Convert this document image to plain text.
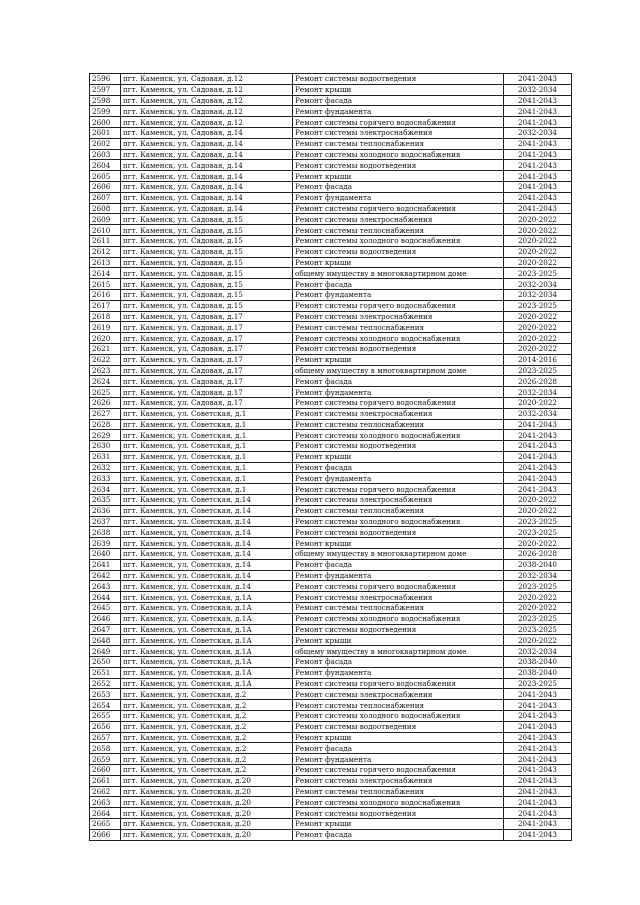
2596	пгт. Каменск, ул. Садовая, д.12	Ремонт системы водоотведения	2041-2043
2597	пгт. Каменск, ул. Садовая, д.12	Ремонт крыши	2032-2034
2598	пгт. Каменск, ул. Садовая, д.12	Ремонт фасада	2041-2043
2599	пгт. Каменск, ул. Садовая, д.12	Ремонт фундамента	2041-2043
2600	пгт. Каменск, ул. Садовая, д.12	Ремонт системы горячего водоснабжения	2041-2043
2601	пгт. Каменск, ул. Садовая, д.14	Ремонт системы электроснабжения	2032-2034
2602	пгт. Каменск, ул. Садовая, д.14	Ремонт системы теплоснабжения	2041-2043
2603	пгт. Каменск, ул. Садовая, д.14	Ремонт системы холодного водоснабжения	2041-2043
2604	пгт. Каменск, ул. Садовая, д.14	Ремонт системы водоотведения	2041-2043
2605	пгт. Каменск, ул. Садовая, д.14	Ремонт крыши	2041-2043
2606	пгт. Каменск, ул. Садовая, д.14	Ремонт фасада	2041-2043
2607	пгт. Каменск, ул. Садовая, д.14	Ремонт фундамента	2041-2043
2608	пгт. Каменск, ул. Садовая, д.14	Ремонт системы горячего водоснабжения	2041-2043
2609	пгт. Каменск, ул. Садовая, д.15	Ремонт системы электроснабжения	2020-2022
2610	пгт. Каменск, ул. Садовая, д.15	Ремонт системы теплоснабжения	2020-2022
2611	пгт. Каменск, ул. Садовая, д.15	Ремонт системы холодного водоснабжения	2020-2022
2612	пгт. Каменск, ул. Садовая, д.15	Ремонт системы водоотведения	2020-2022
2613	пгт. Каменск, ул. Садовая, д.15	Ремонт крыши	2020-2022
2614	пгт. Каменск, ул. Садовая, д.15	общему имуществу в многоквартирном доме	2023-2025
2615	пгт. Каменск, ул. Садовая, д.15	Ремонт фасада	2032-2034
2616	пгт. Каменск, ул. Садовая, д.15	Ремонт фундамента	2032-2034
2617	пгт. Каменск, ул. Садовая, д.15	Ремонт системы горячего водоснабжения	2023-2025
2618	пгт. Каменск, ул. Садовая, д.17	Ремонт системы электроснабжения	2020-2022
2619	пгт. Каменск, ул. Садовая, д.17	Ремонт системы теплоснабжения	2020-2022
2620	пгт. Каменск, ул. Садовая, д.17	Ремонт системы холодного водоснабжения	2020-2022
2621	пгт. Каменск, ул. Садовая, д.17	Ремонт системы водоотведения	2020-2022
2622	пгт. Каменск, ул. Садовая, д.17	Ремонт крыши	2014-2016
2623	пгт. Каменск, ул. Садовая, д.17	общему имуществу в многоквартирном доме	2023-2025
2624	пгт. Каменск, ул. Садовая, д.17	Ремонт фасада	2026-2028
2625	пгт. Каменск, ул. Садовая, д.17	Ремонт фундамента	2032-2034
2626	пгт. Каменск, ул. Садовая, д.17	Ремонт системы горячего водоснабжения	2020-2022
2627	пгт. Каменск, ул. Советская, д.1	Ремонт системы электроснабжения	2032-2034
2628	пгт. Каменск, ул. Советская, д.1	Ремонт системы теплоснабжения	2041-2043
2629	пгт. Каменск, ул. Советская, д.1	Ремонт системы холодного водоснабжения	2041-2043
2630	пгт. Каменск, ул. Советская, д.1	Ремонт системы водоотведения	2041-2043
2631	пгт. Каменск, ул. Советская, д.1	Ремонт крыши	2041-2043
2632	пгт. Каменск, ул. Советская, д.1	Ремонт фасада	2041-2043
2633	пгт. Каменск, ул. Советская, д.1	Ремонт фундамента	2041-2043
2634	пгт. Каменск, ул. Советская, д.1	Ремонт системы горячего водоснабжения	2041-2043
2635	пгт. Каменск, ул. Советская, д.14	Ремонт системы электроснабжения	2020-2022
2636	пгт. Каменск, ул. Советская, д.14	Ремонт системы теплоснабжения	2020-2022
2637	пгт. Каменск, ул. Советская, д.14	Ремонт системы холодного водоснабжения	2023-2025
2638	пгт. Каменск, ул. Советская, д.14	Ремонт системы водоотведения	2023-2025
2639	пгт. Каменск, ул. Советская, д.14	Ремонт крыши	2020-2022
2640	пгт. Каменск, ул. Советская, д.14	общему имуществу в многоквартирном доме	2026-2028
2641	пгт. Каменск, ул. Советская, д.14	Ремонт фасада	2038-2040
2642	пгт. Каменск, ул. Советская, д.14	Ремонт фундамента	2032-2034
2643	пгт. Каменск, ул. Советская, д.14	Ремонт системы горячего водоснабжения	2023-2025
2644	пгт. Каменск, ул. Советская, д.1А	Ремонт системы электроснабжения	2020-2022
2645	пгт. Каменск, ул. Советская, д.1А	Ремонт системы теплоснабжения	2020-2022
2646	пгт. Каменск, ул. Советская, д.1А	Ремонт системы холодного водоснабжения	2023-2025
2647	пгт. Каменск, ул. Советская, д.1А	Ремонт системы водоотведения	2023-2025
2648	пгт. Каменск, ул. Советская, д.1А	Ремонт крыши	2020-2022
2649	пгт. Каменск, ул. Советская, д.1А	общему имуществу в многоквартирном доме	2032-2034
2650	пгт. Каменск, ул. Советская, д.1А	Ремонт фасада	2038-2040
2651	пгт. Каменск, ул. Советская, д.1А	Ремонт фундамента	2038-2040
2652	пгт. Каменск, ул. Советская, д.1А	Ремонт системы горячего водоснабжения	2023-2025
2653	пгт. Каменск, ул. Советская, д.2	Ремонт системы электроснабжения	2041-2043
2654	пгт. Каменск, ул. Советская, д.2	Ремонт системы теплоснабжения	2041-2043
2655	пгт. Каменск, ул. Советская, д.2	Ремонт системы холодного водоснабжения	2041-2043
2656	пгт. Каменск, ул. Советская, д.2	Ремонт системы водоотведения	2041-2043
2657	пгт. Каменск, ул. Советская, д.2	Ремонт крыши	2041-2043
2658	пгт. Каменск, ул. Советская, д.2	Ремонт фасада	2041-2043
2659	пгт. Каменск, ул. Советская, д.2	Ремонт фундамента	2041-2043
2660	пгт. Каменск, ул. Советская, д.2	Ремонт системы горячего водоснабжения	2041-2043
2661	пгт. Каменск, ул. Советская, д.20	Ремонт системы электроснабжения	2041-2043
2662	пгт. Каменск, ул. Советская, д.20	Ремонт системы теплоснабжения	2041-2043
2663	пгт. Каменск, ул. Советская, д.20	Ремонт системы холодного водоснабжения	2041-2043
2664	пгт. Каменск, ул. Советская, д.20	Ремонт системы водоотведения	2041-2043
2665	пгт. Каменск, ул. Советская, д.20	Ремонт крыши	2041-2043
2666	пгт. Каменск, ул. Советская, д.20	Ремонт фасада	2041-2043
